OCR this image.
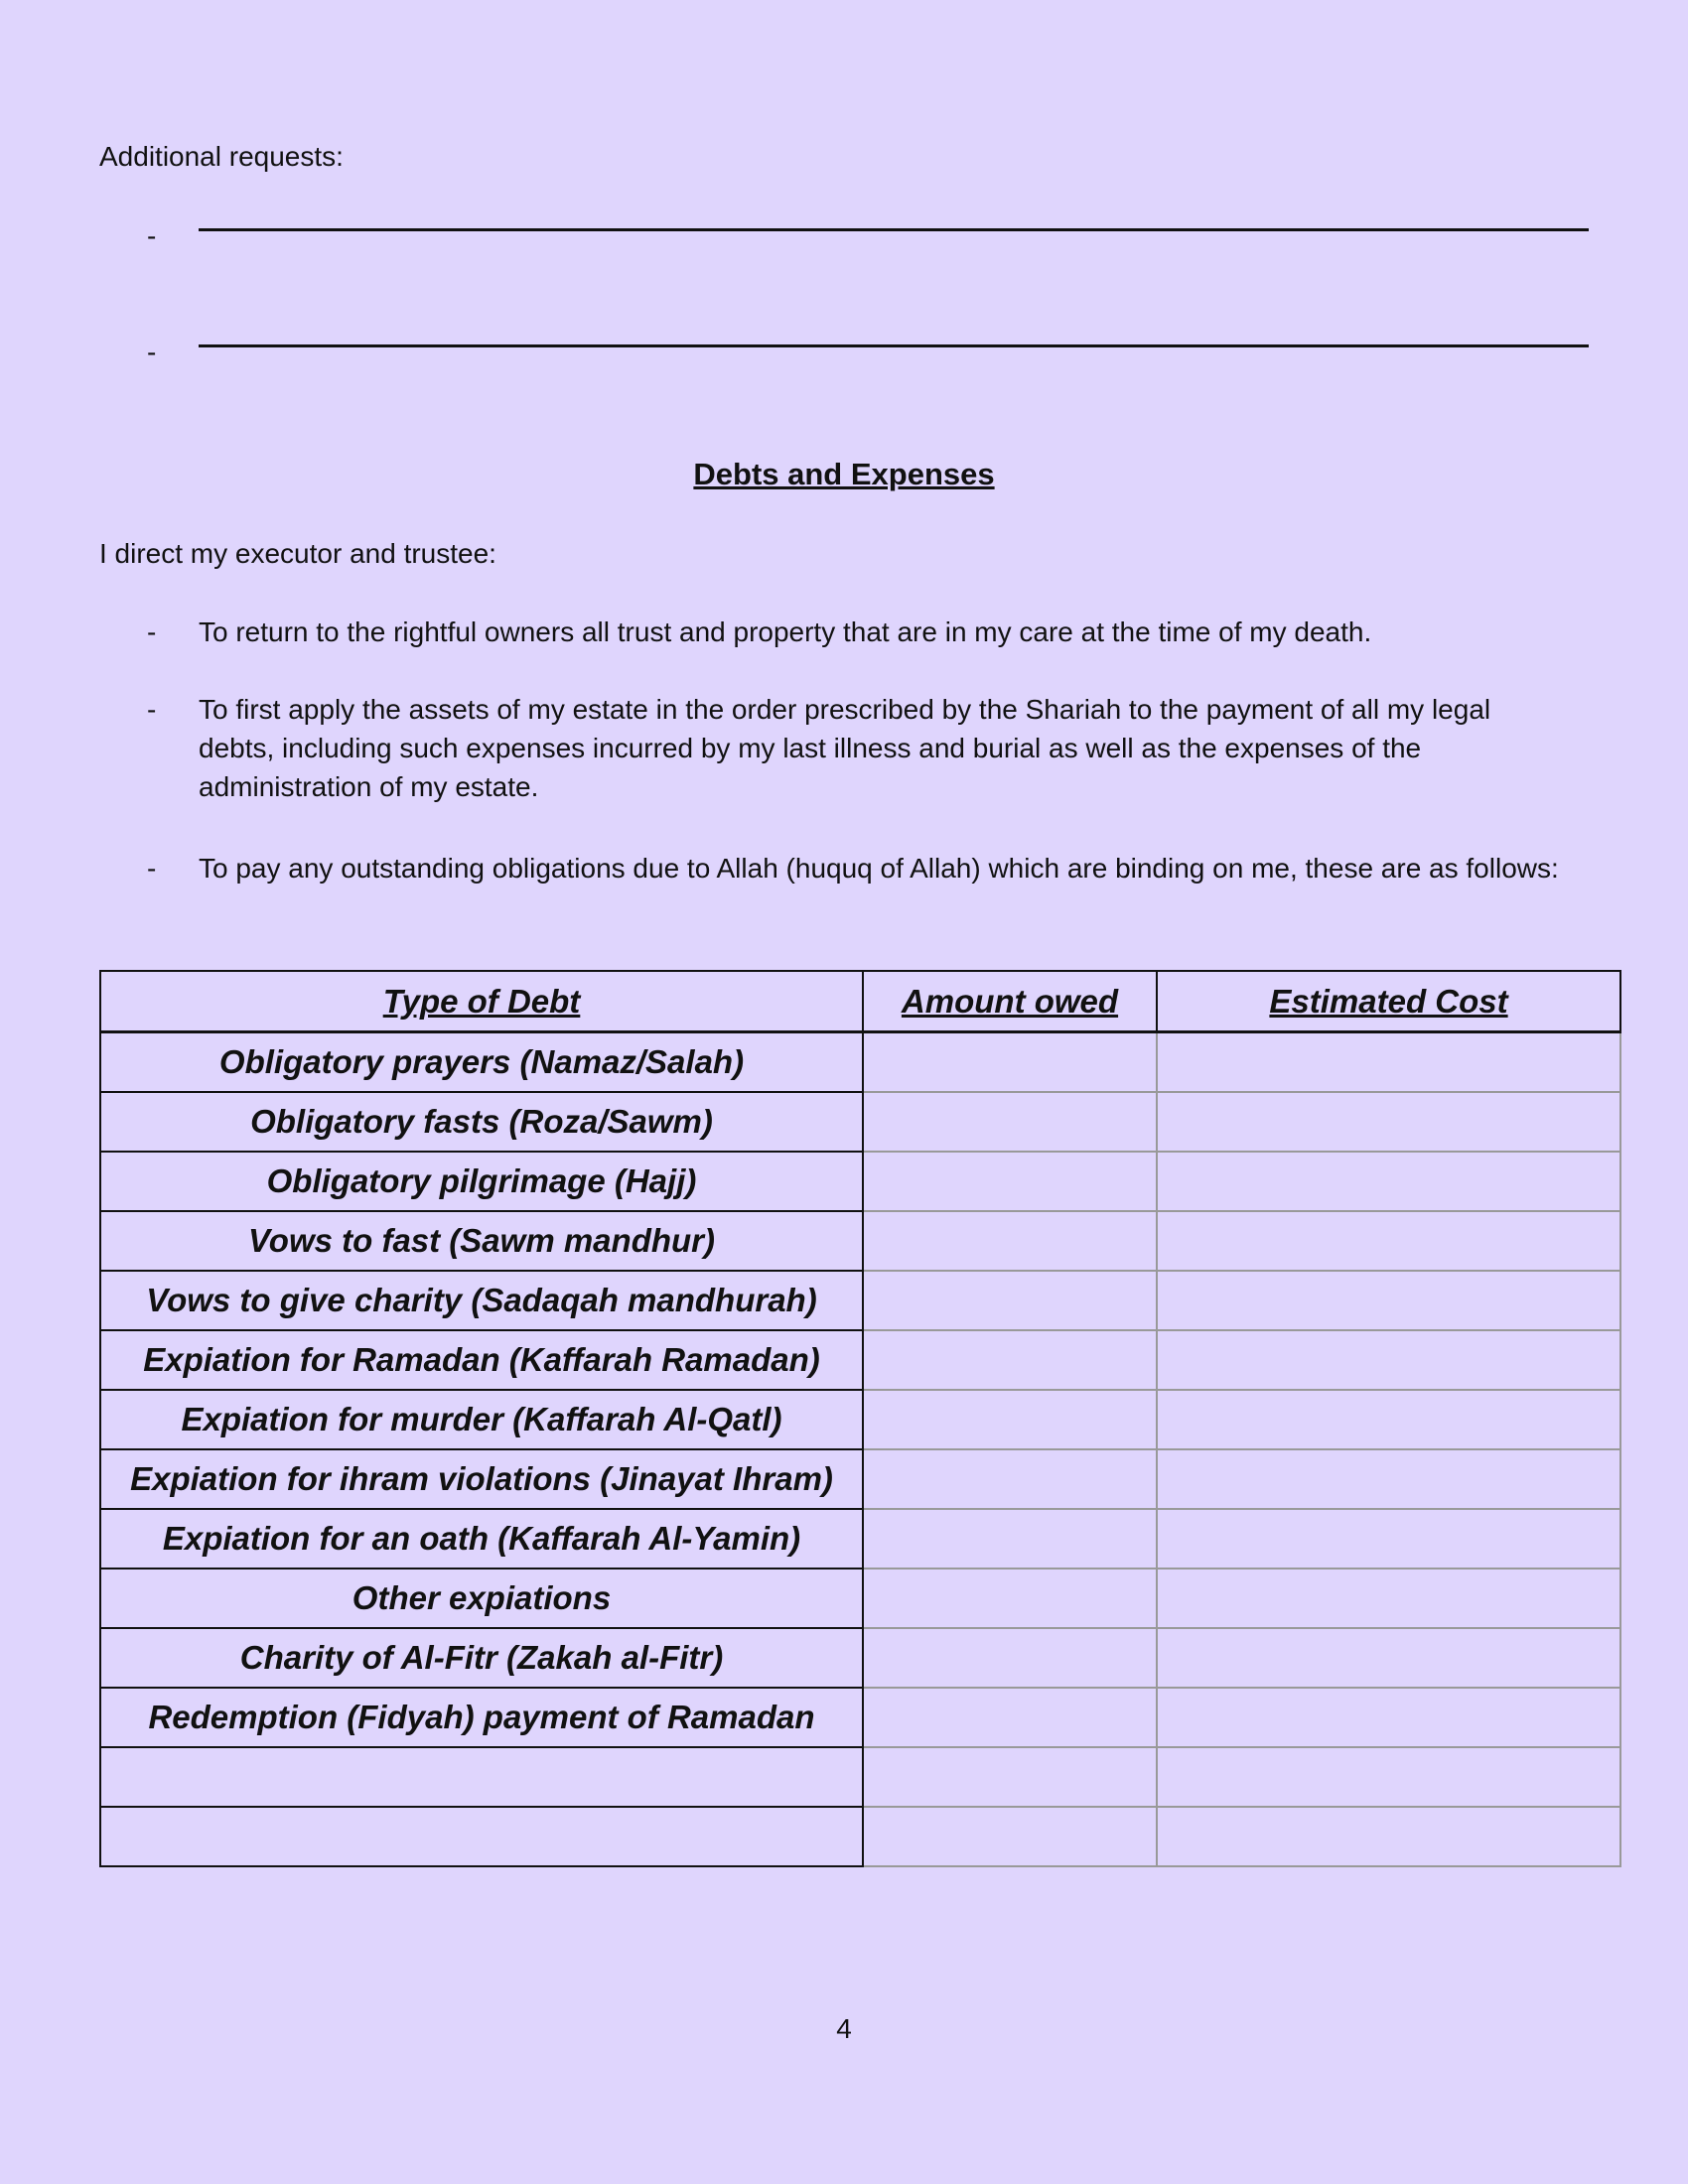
Additional requests:
-
-
Debts and Expenses
I direct my executor and trustee:
- To return to the rightful owners all trust and property that are in my care at the time of my death.
- To first apply the assets of my estate in the order prescribed by the Shariah to the payment of all my legal debts, including such expenses incurred by my last illness and burial as well as the expenses of the administration of my estate.
- To pay any outstanding obligations due to Allah (huquq of Allah) which are binding on me, these are as follows:
Type of Debt	Amount owed	Estimated Cost
Obligatory prayers (Namaz/Salah)		
Obligatory fasts (Roza/Sawm)		
Obligatory pilgrimage (Hajj)		
Vows to fast (Sawm mandhur)		
Vows to give charity (Sadaqah mandhurah)		
Expiation for Ramadan (Kaffarah Ramadan)		
Expiation for murder (Kaffarah Al-Qatl)		
Expiation for ihram violations (Jinayat Ihram)		
Expiation for an oath (Kaffarah Al-Yamin)		
Other expiations		
Charity of Al-Fitr (Zakah al-Fitr)		
Redemption (Fidyah) payment of Ramadan		

4
